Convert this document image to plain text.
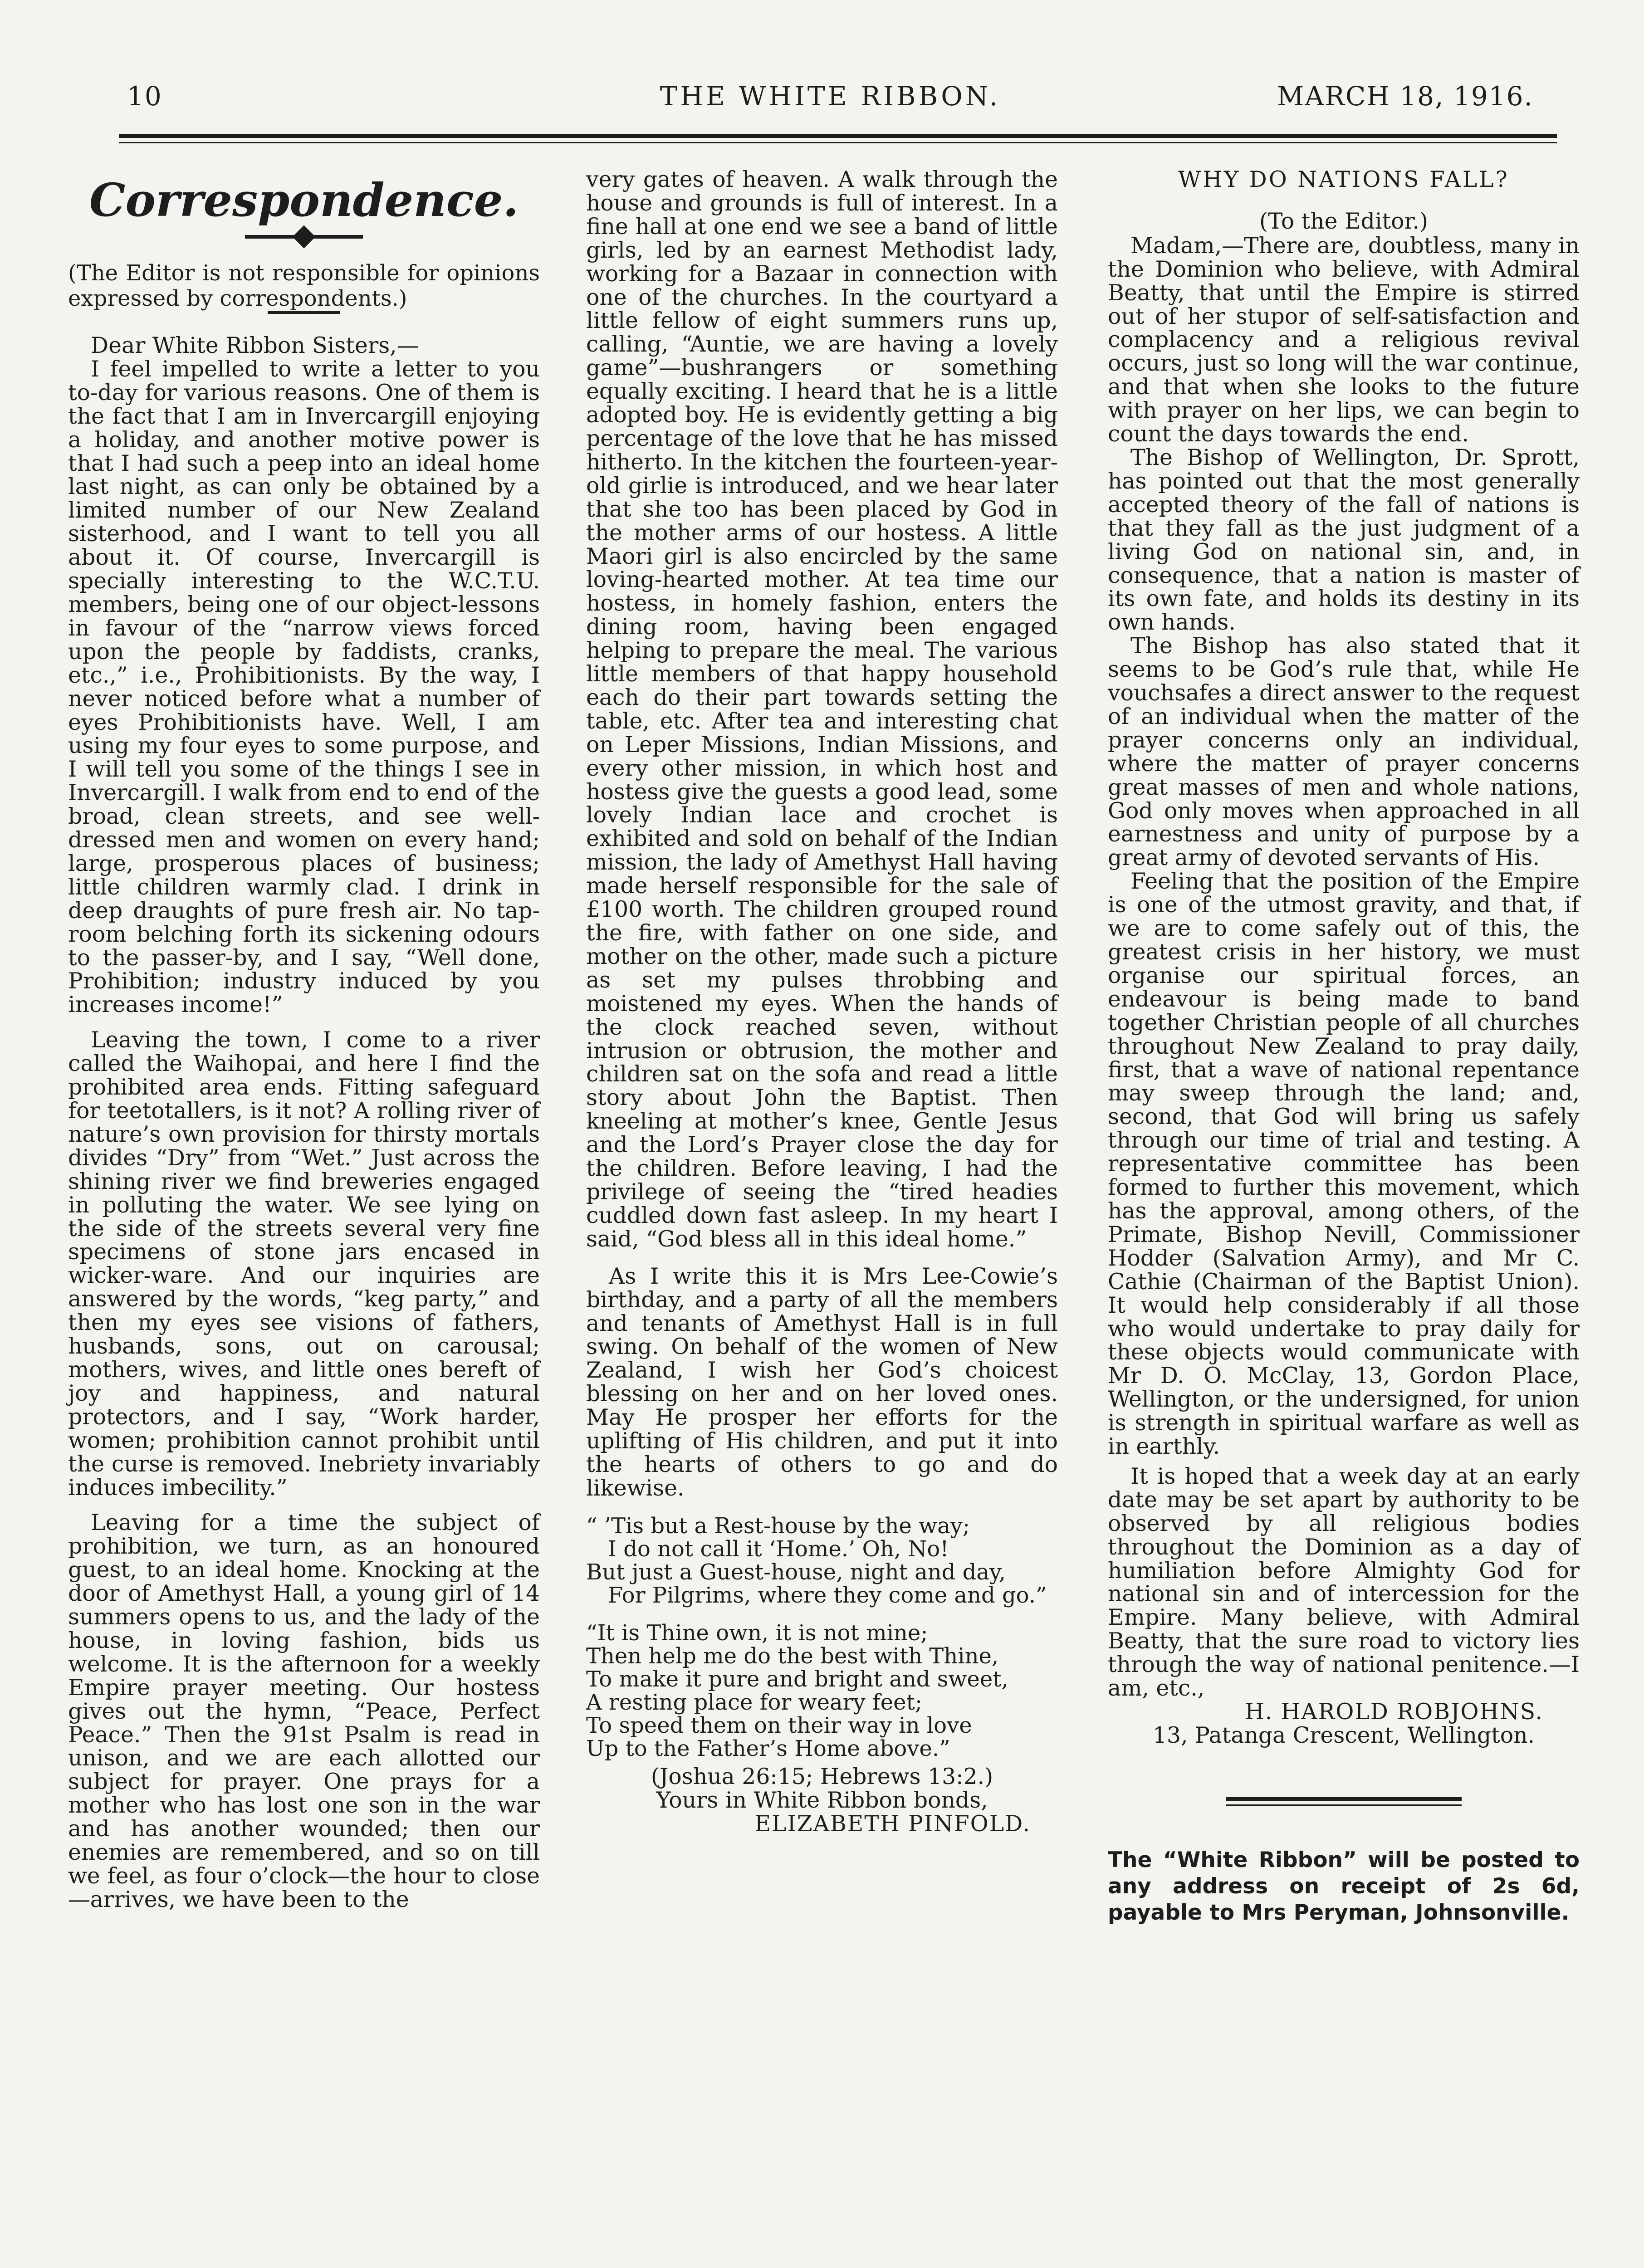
10	THE WHITE RIBBON.	MARCH 18, 1916.
Correspondence.

(The Editor is not responsible for opinions expressed by correspondents.)

Dear White Ribbon Sisters,—

I feel impelled to write a letter to you to-day for various reasons. One of them is the fact that I am in Invercargill enjoying a holiday, and another motive power is that I had such a peep into an ideal home last night, as can only be obtained by a limited number of our New Zealand sisterhood, and I want to tell you all about it. Of course, Invercargill is specially interesting to the W.C.T.U. members, being one of our object-lessons in favour of the “narrow views forced upon the people by faddists, cranks, etc.,” i.e., Prohibitionists. By the way, I never noticed before what a number of eyes Prohibitionists have. Well, I am using my four eyes to some purpose, and I will tell you some of the things I see in Invercargill. I walk from end to end of the broad, clean streets, and see well-dressed men and women on every hand; large, prosperous places of business; little children warmly clad. I drink in deep draughts of pure fresh air. No tap-room belching forth its sickening odours to the passer-by, and I say, “Well done, Prohibition; industry induced by you increases income!”

Leaving the town, I come to a river called the Waihopai, and here I find the prohibited area ends. Fitting safeguard for teetotallers, is it not? A rolling river of nature’s own provision for thirsty mortals divides “Dry” from “Wet.” Just across the shining river we find breweries engaged in polluting the water. We see lying on the side of the streets several very fine specimens of stone jars encased in wicker-ware. And our inquiries are answered by the words, “keg party,” and then my eyes see visions of fathers, husbands, sons, out on carousal; mothers, wives, and little ones bereft of joy and happiness, and natural protectors, and I say, “Work harder, women; prohibition cannot prohibit until the curse is removed. Inebriety invariably induces imbecility.”

Leaving for a time the subject of prohibition, we turn, as an honoured guest, to an ideal home. Knocking at the door of Amethyst Hall, a young girl of 14 summers opens to us, and the lady of the house, in loving fashion, bids us welcome. It is the afternoon for a weekly Empire prayer meeting. Our hostess gives out the hymn, “Peace, Perfect Peace.” Then the 91st Psalm is read in unison, and we are each allotted our subject for prayer. One prays for a mother who has lost one son in the war and has another wounded; then our enemies are remembered, and so on till we feel, as four o’clock—the hour to close—arrives, we have been to the

very gates of heaven. A walk through the house and grounds is full of interest. In a fine hall at one end we see a band of little girls, led by an earnest Methodist lady, working for a Bazaar in connection with one of the churches. In the courtyard a little fellow of eight summers runs up, calling, “Auntie, we are having a lovely game”—bushrangers or something equally exciting. I heard that he is a little adopted boy. He is evidently getting a big percentage of the love that he has missed hitherto. In the kitchen the fourteen-year-old girlie is introduced, and we hear later that she too has been placed by God in the mother arms of our hostess. A little Maori girl is also encircled by the same loving-hearted mother. At tea time our hostess, in homely fashion, enters the dining room, having been engaged helping to prepare the meal. The various little members of that happy household each do their part towards setting the table, etc. After tea and interesting chat on Leper Missions, Indian Missions, and every other mission, in which host and hostess give the guests a good lead, some lovely Indian lace and crochet is exhibited and sold on behalf of the Indian mission, the lady of Amethyst Hall having made herself responsible for the sale of £100 worth. The children grouped round the fire, with father on one side, and mother on the other, made such a picture as set my pulses throbbing and moistened my eyes. When the hands of the clock reached seven, without intrusion or obtrusion, the mother and children sat on the sofa and read a little story about John the Baptist. Then kneeling at mother’s knee, Gentle Jesus and the Lord’s Prayer close the day for the children. Before leaving, I had the privilege of seeing the “tired headies cuddled down fast asleep. In my heart I said, “God bless all in this ideal home.”

As I write this it is Mrs Lee-Cowie’s birthday, and a party of all the members and tenants of Amethyst Hall is in full swing. On behalf of the women of New Zealand, I wish her God’s choicest blessing on her and on her loved ones. May He prosper her efforts for the uplifting of His children, and put it into the hearts of others to go and do likewise.

“ ’Tis but a Rest-house by the way;
I do not call it ‘Home.’ Oh, No!
But just a Guest-house, night and day,
For Pilgrims, where they come and go.”
“It is Thine own, it is not mine;
Then help me do the best with Thine,
To make it pure and bright and sweet,
A resting place for weary feet;
To speed them on their way in love
Up to the Father’s Home above.”

(Joshua 26:15; Hebrews 13:2.)

Yours in White Ribbon bonds,

ELIZABETH PINFOLD.

WHY DO NATIONS FALL?

(To the Editor.)

Madam,—There are, doubtless, many in the Dominion who believe, with Admiral Beatty, that until the Empire is stirred out of her stupor of self-satisfaction and complacency and a religious revival occurs, just so long will the war continue, and that when she looks to the future with prayer on her lips, we can begin to count the days towards the end.

The Bishop of Wellington, Dr. Sprott, has pointed out that the most generally accepted theory of the fall of nations is that they fall as the just judgment of a living God on national sin, and, in consequence, that a nation is master of its own fate, and holds its destiny in its own hands.

The Bishop has also stated that it seems to be God’s rule that, while He vouchsafes a direct answer to the request of an individual when the matter of the prayer concerns only an individual, where the matter of prayer concerns great masses of men and whole nations, God only moves when approached in all earnestness and unity of purpose by a great army of devoted servants of His.

Feeling that the position of the Empire is one of the utmost gravity, and that, if we are to come safely out of this, the greatest crisis in her history, we must organise our spiritual forces, an endeavour is being made to band together Christian people of all churches throughout New Zealand to pray daily, first, that a wave of national repentance may sweep through the land; and, second, that God will bring us safely through our time of trial and testing. A representative committee has been formed to further this movement, which has the approval, among others, of the Primate, Bishop Nevill, Commissioner Hodder (Salvation Army), and Mr C. Cathie (Chairman of the Baptist Union). It would help considerably if all those who would undertake to pray daily for these objects would communicate with Mr D. O. McClay, 13, Gordon Place, Wellington, or the undersigned, for union is strength in spiritual warfare as well as in earthly.

It is hoped that a week day at an early date may be set apart by authority to be observed by all religious bodies throughout the Dominion as a day of humiliation before Almighty God for national sin and of intercession for the Empire. Many believe, with Admiral Beatty, that the sure road to victory lies through the way of national penitence.—I am, etc.,

H. HAROLD ROBJOHNS.

13, Patanga Crescent, Wellington.

The “White Ribbon” will be posted to any address on receipt of 2s 6d, payable to Mrs Peryman, Johnsonville.
